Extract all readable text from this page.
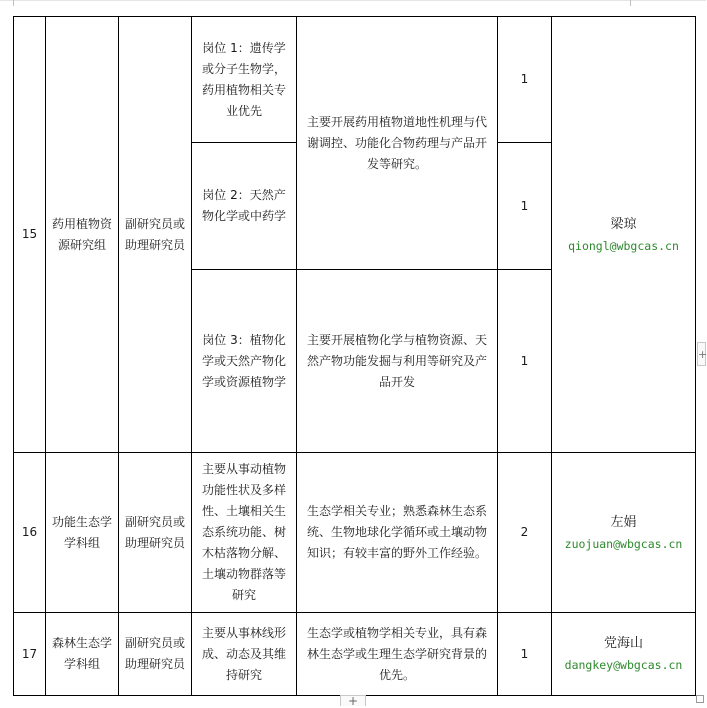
15	药用植物资源研究组	副研究员或助理研究员	岗位 1：遗传学或分子生物学，药用植物相关专业优先	主要开展药用植物道地性机理与代谢调控、功能化合物药理与产品开发等研究。	1	梁琼
qiongl@wbgcas.cn

			岗位 2：天然产物化学或中药学		1	
			岗位 3：植物化学或天然产物化学或资源植物学	主要开展植物化学与植物资源、天然产物功能发掘与利用等研究及产品开发	1	
16	功能生态学学科组	副研究员或助理研究员	主要从事动植物功能性状及多样性、土壤相关生态系统功能、树木枯落物分解、土壤动物群落等研究	生态学相关专业；熟悉森林生态系统、生物地球化学循环或土壤动物知识；有较丰富的野外工作经验。	2	左娟
zuojuan@wbgcas.cn

17	森林生态学学科组	副研究员或助理研究员	主要从事林线形成、动态及其维持研究	生态学或植物学相关专业，具有森林生态学或生理生态学研究背景的优先。	1	党海山
dangkey@wbgcas.cn
+
+
